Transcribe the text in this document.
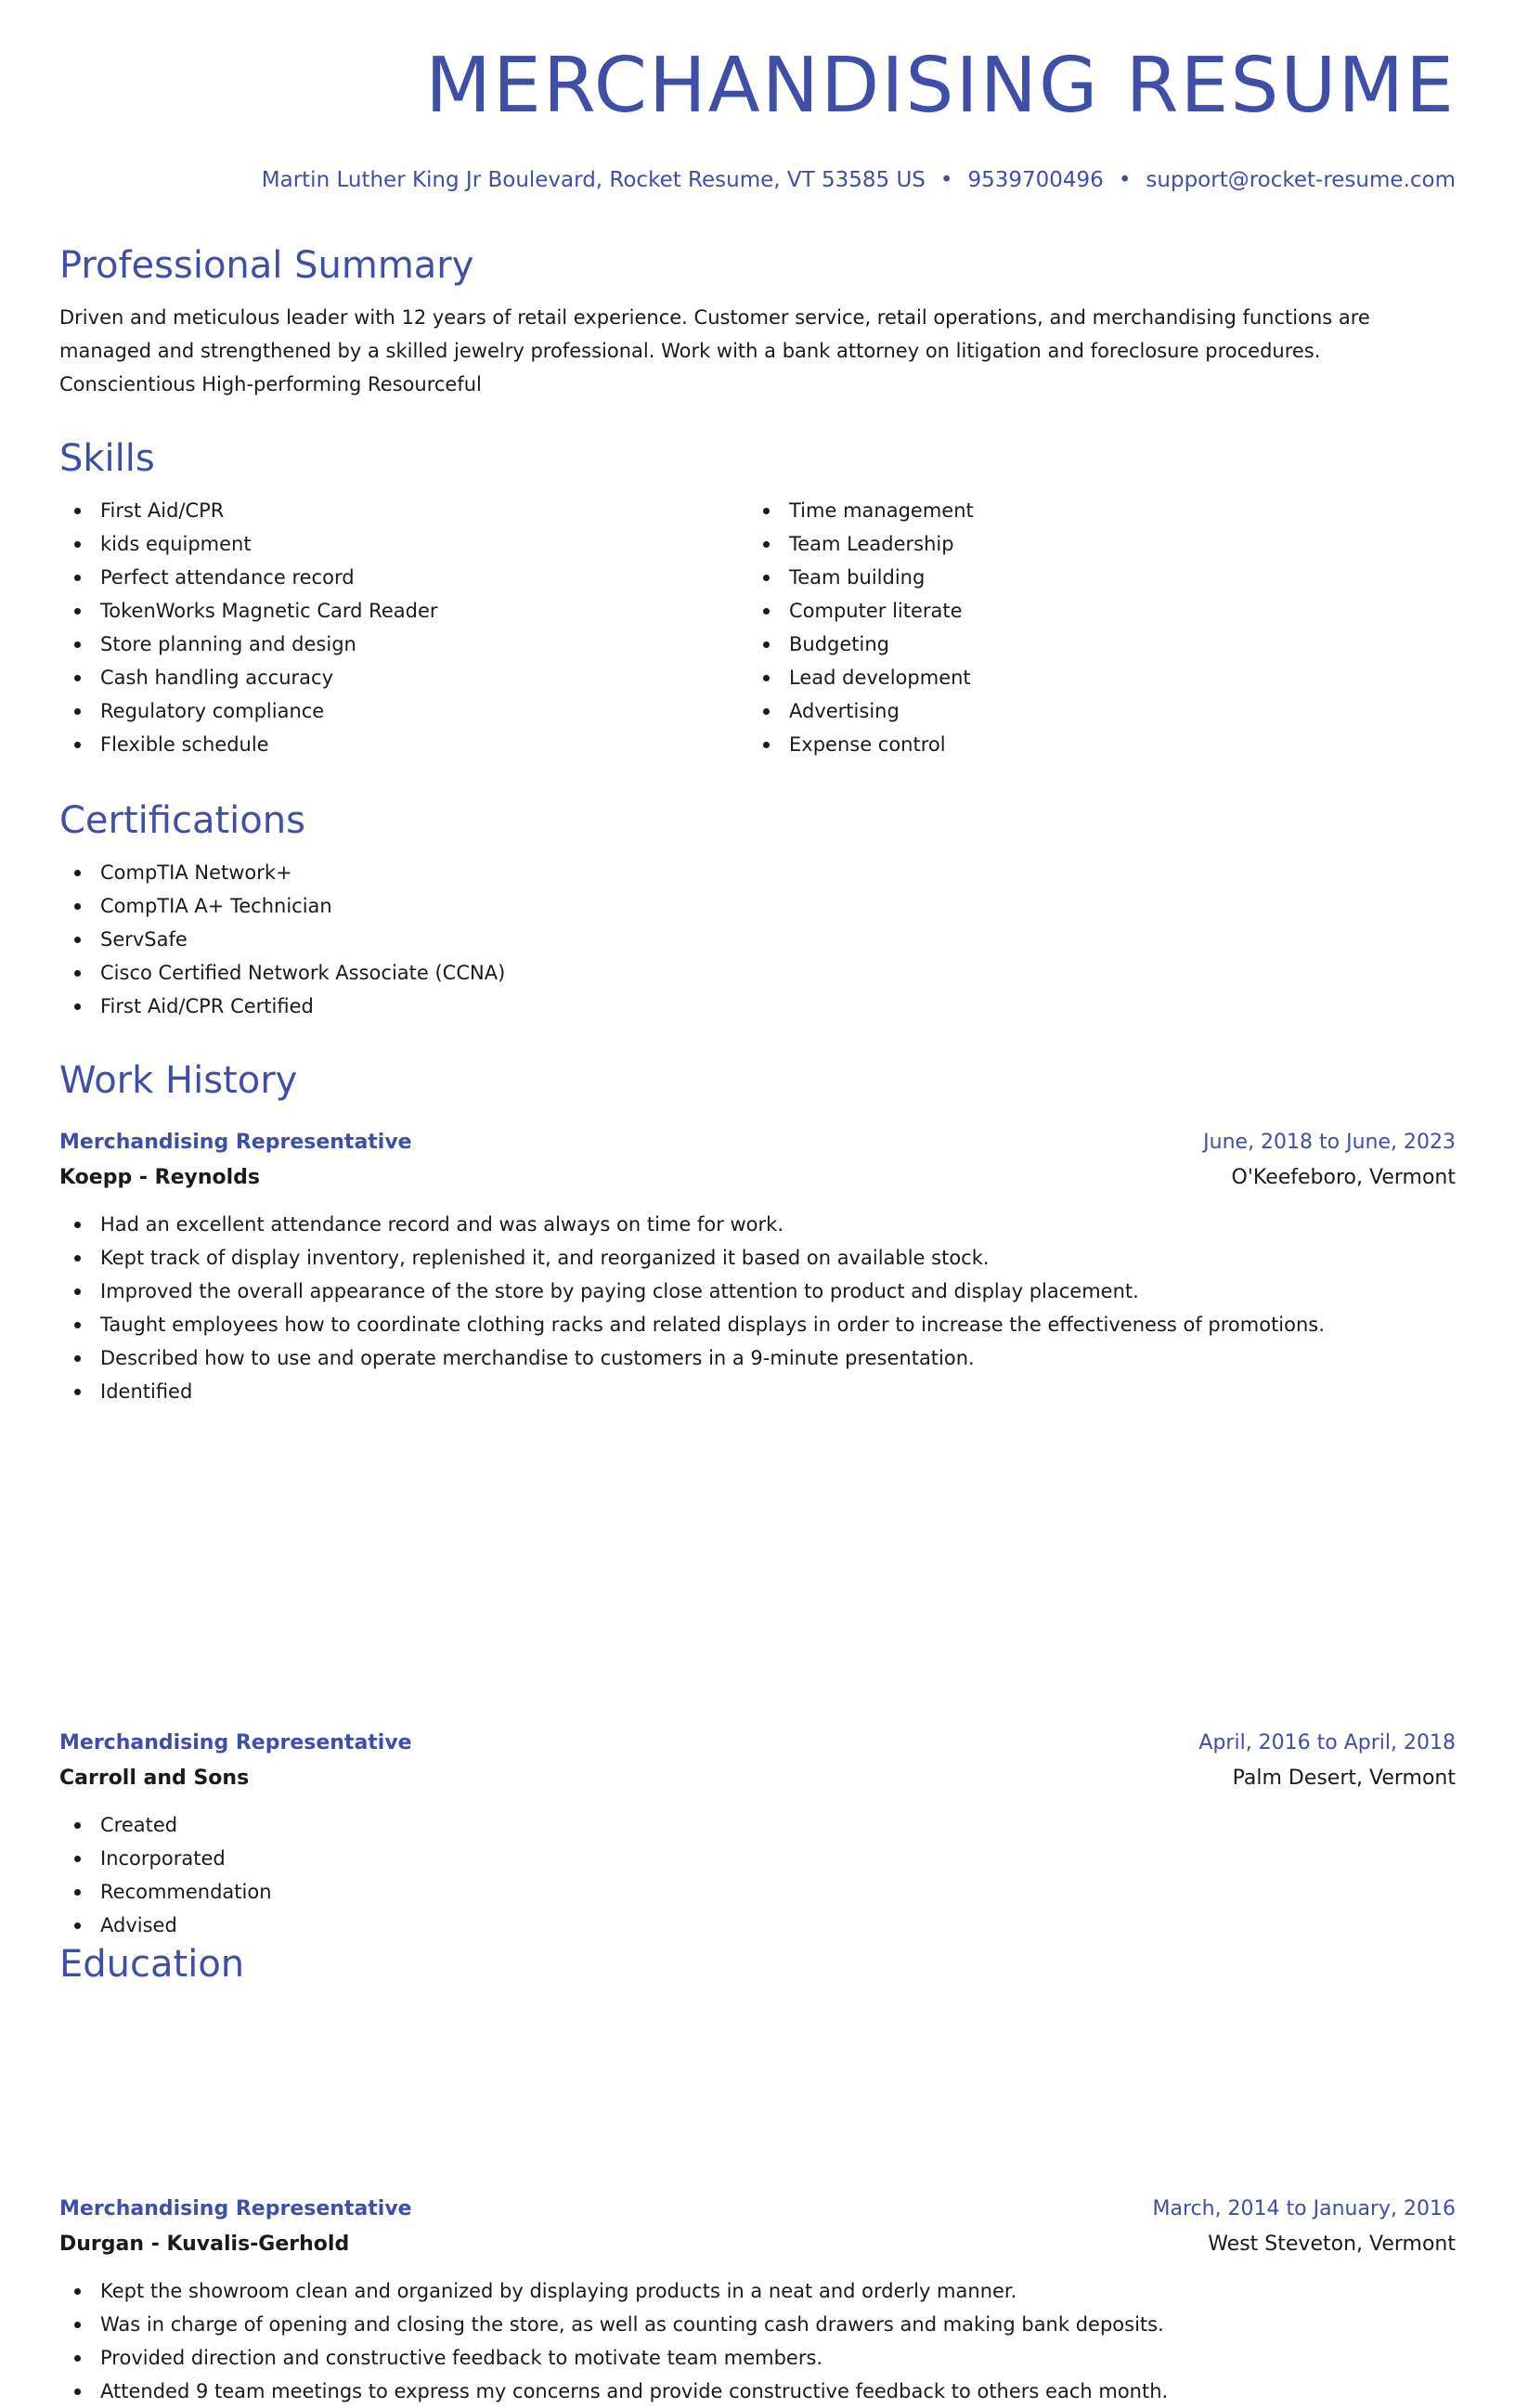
MERCHANDISING RESUME
Martin Luther King Jr Boulevard, Rocket Resume, VT 53585 US • 9539700496 • support@rocket-resume.com
Professional Summary

Driven and meticulous leader with 12 years of retail experience. Customer service, retail operations, and merchandising functions are managed and strengthened by a skilled jewelry professional. Work with a bank attorney on litigation and foreclosure procedures. Conscientious High-performing Resourceful

Skills
First Aid/CPR
kids equipment
Perfect attendance record
TokenWorks Magnetic Card Reader
Store planning and design
Cash handling accuracy
Regulatory compliance
Flexible schedule
Time management
Team Leadership
Team building
Computer literate
Budgeting
Lead development
Advertising
Expense control
Certifications
CompTIA Network+
CompTIA A+ Technician
ServSafe
Cisco Certified Network Associate (CCNA)
First Aid/CPR Certified
Work History
Merchandising Representative	June, 2018 to June, 2023
Koepp - Reynolds	O'Keefeboro, Vermont
Had an excellent attendance record and was always on time for work.
Kept track of display inventory, replenished it, and reorganized it based on available stock.
Improved the overall appearance of the store by paying close attention to product and display placement.
Taught employees how to coordinate clothing racks and related displays in order to increase the effectiveness of promotions.
Described how to use and operate merchandise to customers in a 9-minute presentation.
Identified
Merchandising Representative	April, 2016 to April, 2018
Carroll and Sons	Palm Desert, Vermont
Created
Incorporated
Recommendation
Advised
Merchandising Representative	March, 2014 to January, 2016
Durgan - Kuvalis-Gerhold	West Steveton, Vermont
Kept the showroom clean and organized by displaying products in a neat and orderly manner.
Was in charge of opening and closing the store, as well as counting cash drawers and making bank deposits.
Provided direction and constructive feedback to motivate team members.
Attended 9 team meetings to express my concerns and provide constructive feedback to others each month.
Education
